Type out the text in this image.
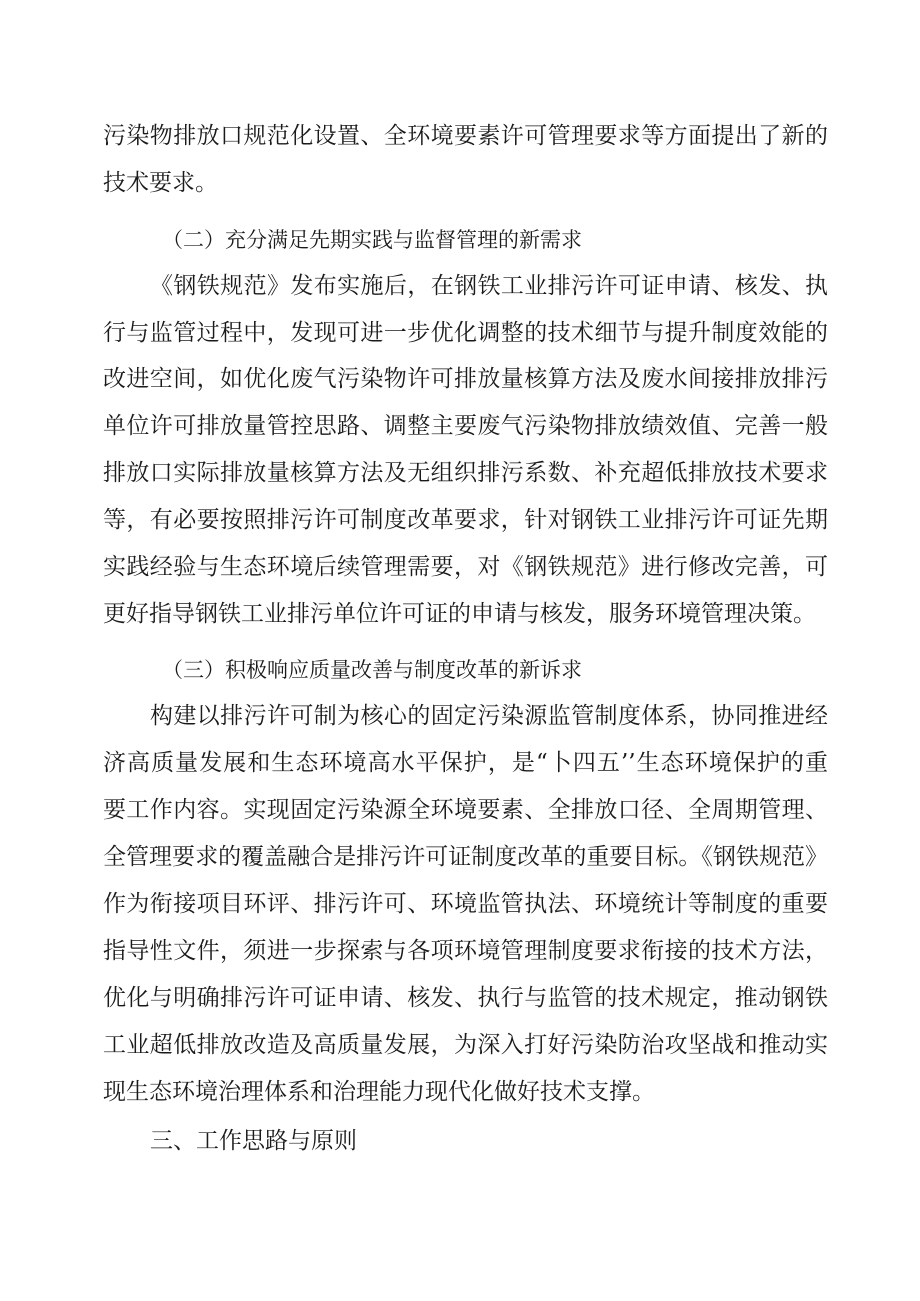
污染物排放口规范化设置、全环境要素许可管理要求等方面提出了新的
技术要求。
（二）充分满足先期实践与监督管理的新需求
《钢铁规范》发布实施后，在钢铁工业排污许可证申请、核发、执
行与监管过程中，发现可进一步优化调整的技术细节与提升制度效能的
改进空间，如优化废气污染物许可排放量核算方法及废水间接排放排污
单位许可排放量管控思路、调整主要废气污染物排放绩效值、完善一般
排放口实际排放量核算方法及无组织排污系数、补充超低排放技术要求
等，有必要按照排污许可制度改革要求，针对钢铁工业排污许可证先期
实践经验与生态环境后续管理需要，对《钢铁规范》进行修改完善，可
更好指导钢铁工业排污单位许可证的申请与核发，服务环境管理决策。
（三）积极响应质量改善与制度改革的新诉求
构建以排污许可制为核心的固定污染源监管制度体系，协同推进经
济高质量发展和生态环境高水平保护，是“卜四五’’生态环境保护的重
要工作内容。实现固定污染源全环境要素、全排放口径、全周期管理、
全管理要求的覆盖融合是排污许可证制度改革的重要目标。《钢铁规范》
作为衔接项目环评、排污许可、环境监管执法、环境统计等制度的重要
指导性文件，须进一步探索与各项环境管理制度要求衔接的技术方法，
优化与明确排污许可证申请、核发、执行与监管的技术规定，推动钢铁
工业超低排放改造及高质量发展，为深入打好污染防治攻坚战和推动实
现生态环境治理体系和治理能力现代化做好技术支撑。
三、工作思路与原则
